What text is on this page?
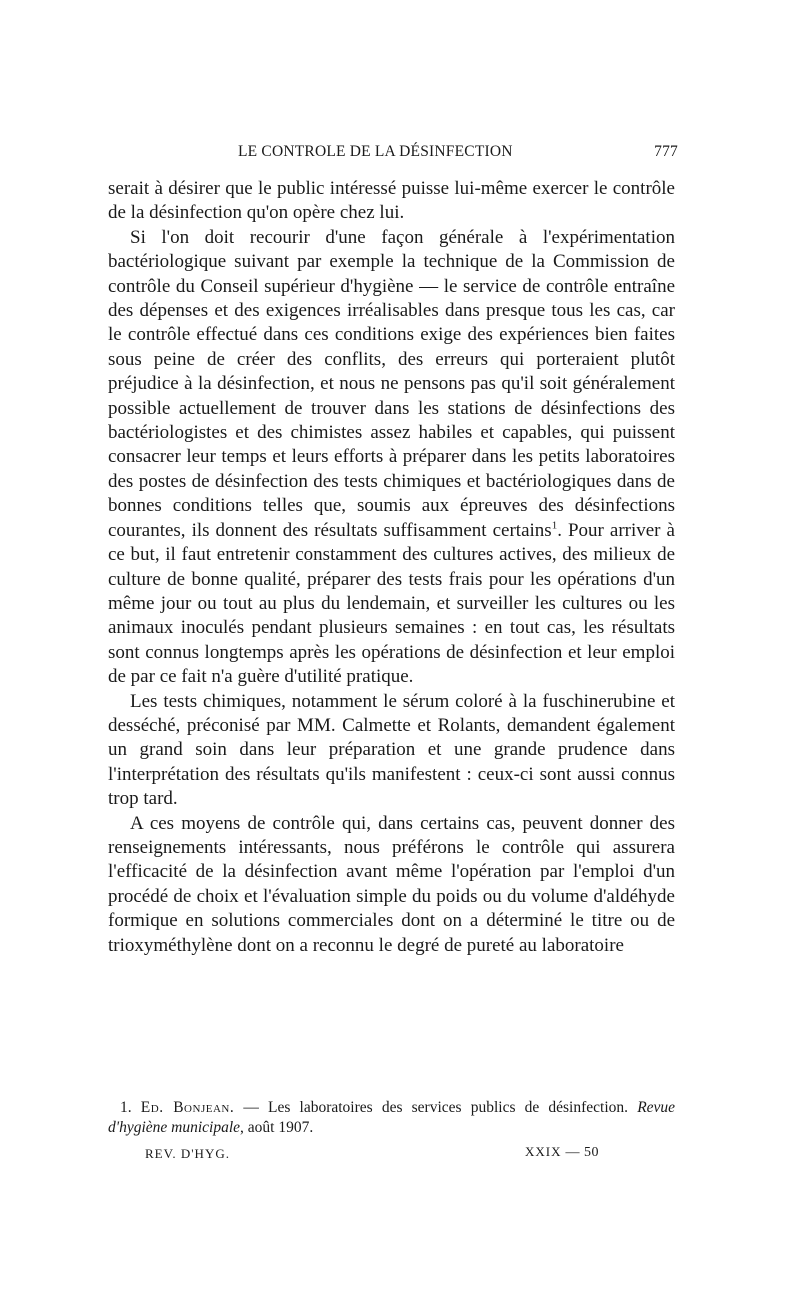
LE CONTROLE DE LA DÉSINFECTION	777

serait à désirer que le public intéressé puisse lui-même exercer le contrôle de la désinfection qu'on opère chez lui.

Si l'on doit recourir d'une façon générale à l'expérimentation bactériologique suivant par exemple la technique de la Commission de contrôle du Conseil supérieur d'hygiène — le service de contrôle entraîne des dépenses et des exigences irréalisables dans presque tous les cas, car le contrôle effectué dans ces conditions exige des expériences bien faites sous peine de créer des conflits, des erreurs qui porteraient plutôt préjudice à la désinfection, et nous ne pensons pas qu'il soit généralement possible actuellement de trouver dans les stations de désinfections des bactériologistes et des chimistes assez habiles et capables, qui puissent consacrer leur temps et leurs efforts à préparer dans les petits laboratoires des postes de désinfection des tests chimiques et bactériologiques dans de bonnes conditions telles que, soumis aux épreuves des désinfections courantes, ils donnent des résultats suffisamment certains$^1$. Pour arriver à ce but, il faut entretenir constamment des cultures actives, des milieux de culture de bonne qualité, préparer des tests frais pour les opérations d'un même jour ou tout au plus du lendemain, et surveiller les cultures ou les animaux inoculés pendant plusieurs semaines : en tout cas, les résultats sont connus longtemps après les opérations de désinfection et leur emploi de par ce fait n'a guère d'utilité pratique.

Les tests chimiques, notamment le sérum coloré à la fuschinerubine et desséché, préconisé par MM. Calmette et Rolants, demandent également un grand soin dans leur préparation et une grande prudence dans l'interprétation des résultats qu'ils manifestent : ceux-ci sont aussi connus trop tard.

A ces moyens de contrôle qui, dans certains cas, peuvent donner des renseignements intéressants, nous préférons le contrôle qui assurera l'efficacité de la désinfection avant même l'opération par l'emploi d'un procédé de choix et l'évaluation simple du poids ou du volume d'aldéhyde formique en solutions commerciales dont on a déterminé le titre ou de trioxyméthylène dont on a reconnu le degré de pureté au laboratoire

1. Ed. Bonjean. — Les laboratoires des services publics de désinfection. Revue d'hygiène municipale, août 1907.

REV. D'HYG.	XXIX — 50
